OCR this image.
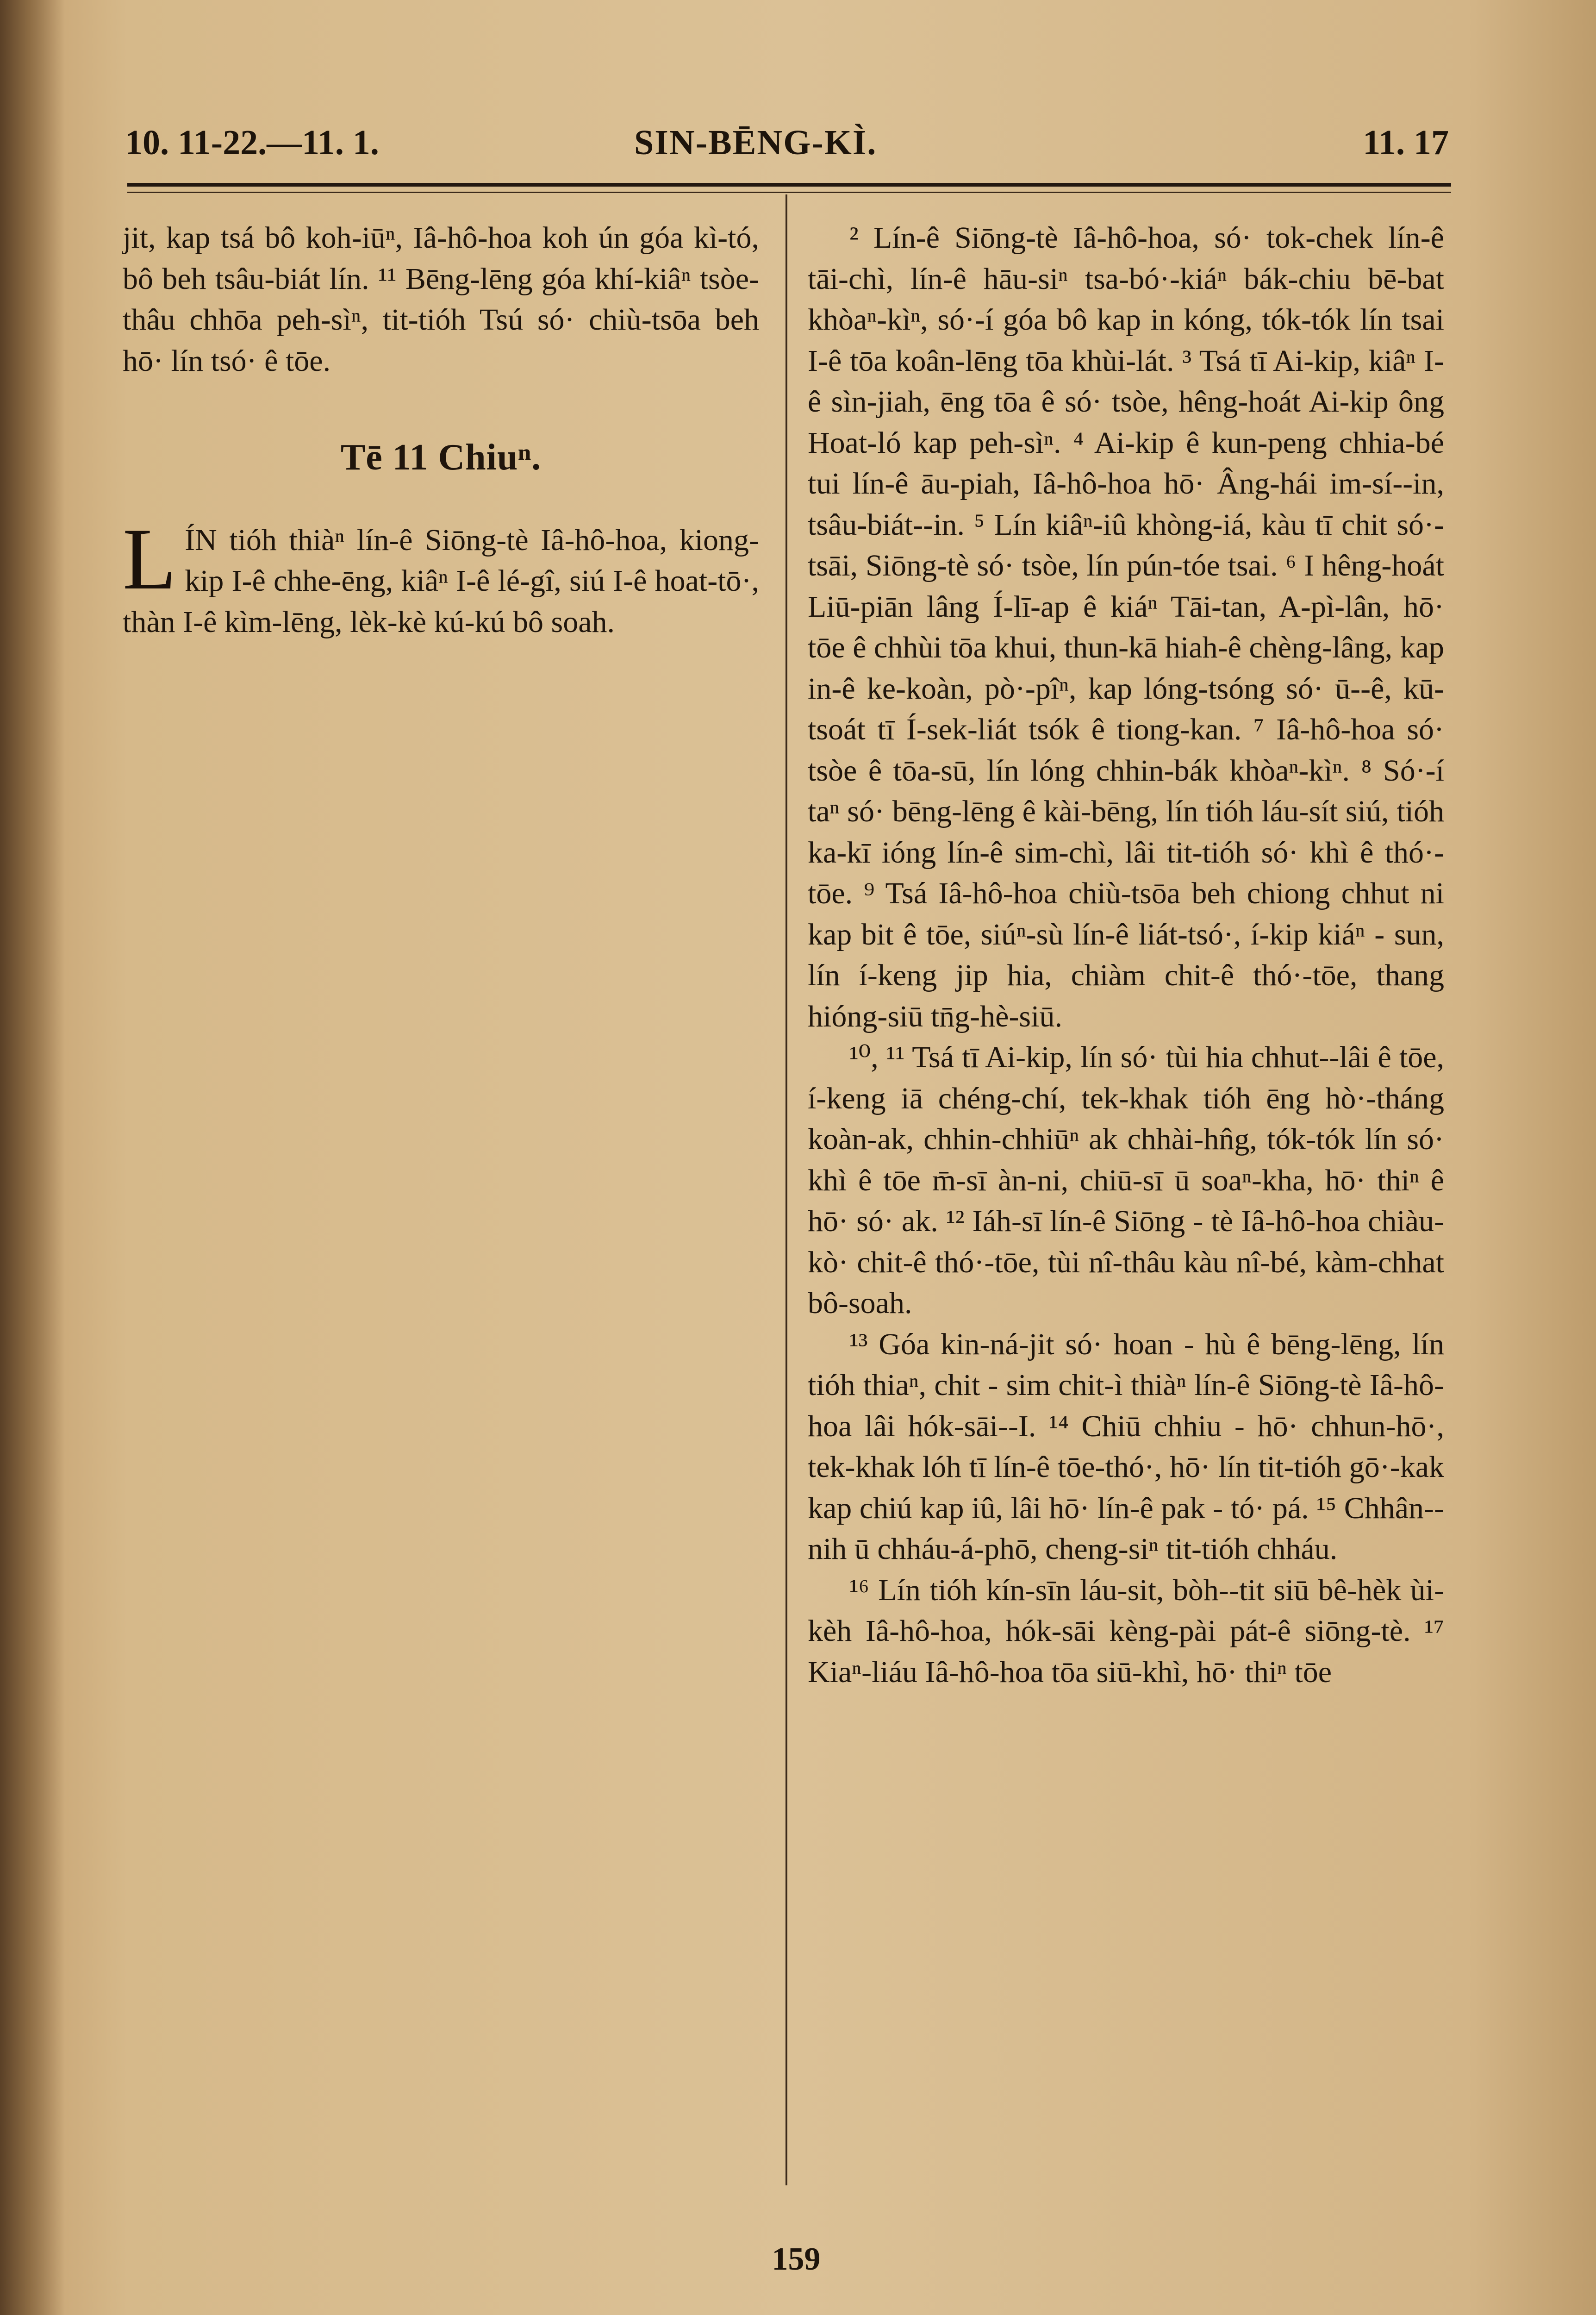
10. 11-22.—11. 1.	SIN-BĒNG-KÌ.	11. 17

jit, kap tsá bô koh-iūⁿ, Iâ-hô-hoa koh ún góa kì-tó, bô beh tsâu-biát lín. ¹¹ Bēng-lēng góa khí-kiâⁿ tsòe-thâu chhōa peh-sìⁿ, tit-tióh Tsú só· chiù-tsōa beh hō· lín tsó· ê tōe.

Tē 11 Chiuⁿ.

L ÍN tióh thiàⁿ lín-ê Siōng-tè Iâ-hô-hoa, kiong-kip I-ê chhe-ēng, kiâⁿ I-ê lé-gî, siú I-ê hoat-tō·, thàn I-ê kìm-lēng, lèk-kè kú-kú bô soah.

² Lín-ê Siōng-tè Iâ-hô-hoa, só· tok-chek lín-ê tāi-chì, lín-ê hāu-siⁿ tsa-bó·-kiáⁿ bák-chiu bē-bat khòaⁿ-kìⁿ, só·-í góa bô kap in kóng, tók-tók lín tsai I-ê tōa koân-lēng tōa khùi-lát. ³ Tsá tī Ai-kip, kiâⁿ I-ê sìn-jiah, ēng tōa ê só· tsòe, hêng-hoát Ai-kip ông Hoat-ló kap peh-sìⁿ. ⁴ Ai-kip ê kun-peng chhia-bé tui lín-ê āu-piah, Iâ-hô-hoa hō· Âng-hái im-sí--in, tsâu-biát--in. ⁵ Lín kiâⁿ-iû khòng-iá, kàu tī chit só·-tsāi, Siōng-tè só· tsòe, lín pún-tóe tsai. ⁶ I hêng-hoát Liū-piān lâng Í-lī-ap ê kiáⁿ Tāi-tan, A-pì-lân, hō· tōe ê chhùi tōa khui, thun-kā hiah-ê chèng-lâng, kap in-ê ke-koàn, pò·-pîⁿ, kap lóng-tsóng só· ū--ê, kū-tsoát tī Í-sek-liát tsók ê tiong-kan. ⁷ Iâ-hô-hoa só· tsòe ê tōa-sū, lín lóng chhin-bák khòaⁿ-kìⁿ. ⁸ Só·-í taⁿ só· bēng-lēng ê kài-bēng, lín tióh láu-sít siú, tióh ka-kī ióng lín-ê sim-chì, lâi tit-tióh só· khì ê thó·-tōe. ⁹ Tsá Iâ-hô-hoa chiù-tsōa beh chiong chhut ni kap bit ê tōe, siúⁿ-sù lín-ê liát-tsó·, í-kip kiáⁿ - sun, lín í-keng jip hia, chiàm chit-ê thó·-tōe, thang hióng-siū tn̄g-hè-siū.

¹⁰, ¹¹ Tsá tī Ai-kip, lín só· tùi hia chhut--lâi ê tōe, í-keng iā chéng-chí, tek-khak tióh ēng hò·-tháng koàn-ak, chhin-chhiūⁿ ak chhài-hn̂g, tók-tók lín só· khì ê tōe m̄-sī àn-ni, chiū-sī ū soaⁿ-kha, hō· thiⁿ ê hō· só· ak. ¹² Iáh-sī lín-ê Siōng - tè Iâ-hô-hoa chiàu-kò· chit-ê thó·-tōe, tùi nî-thâu kàu nî-bé, kàm-chhat bô-soah.

¹³ Góa kin-ná-jit só· hoan - hù ê bēng-lēng, lín tióh thiaⁿ, chit - sim chit-ì thiàⁿ lín-ê Siōng-tè Iâ-hô-hoa lâi hók-sāi--I. ¹⁴ Chiū chhiu - hō· chhun-hō·, tek-khak lóh tī lín-ê tōe-thó·, hō· lín tit-tióh gō·-kak kap chiú kap iû, lâi hō· lín-ê pak - tó· pá. ¹⁵ Chhân--nih ū chháu-á-phō, cheng-siⁿ tit-tióh chháu.

¹⁶ Lín tióh kín-sīn láu-sit, bòh--tit siū bê-hèk ùi-kèh Iâ-hô-hoa, hók-sāi kèng-pài pát-ê siōng-tè. ¹⁷ Kiaⁿ-liáu Iâ-hô-hoa tōa siū-khì, hō· thiⁿ tōe

159
